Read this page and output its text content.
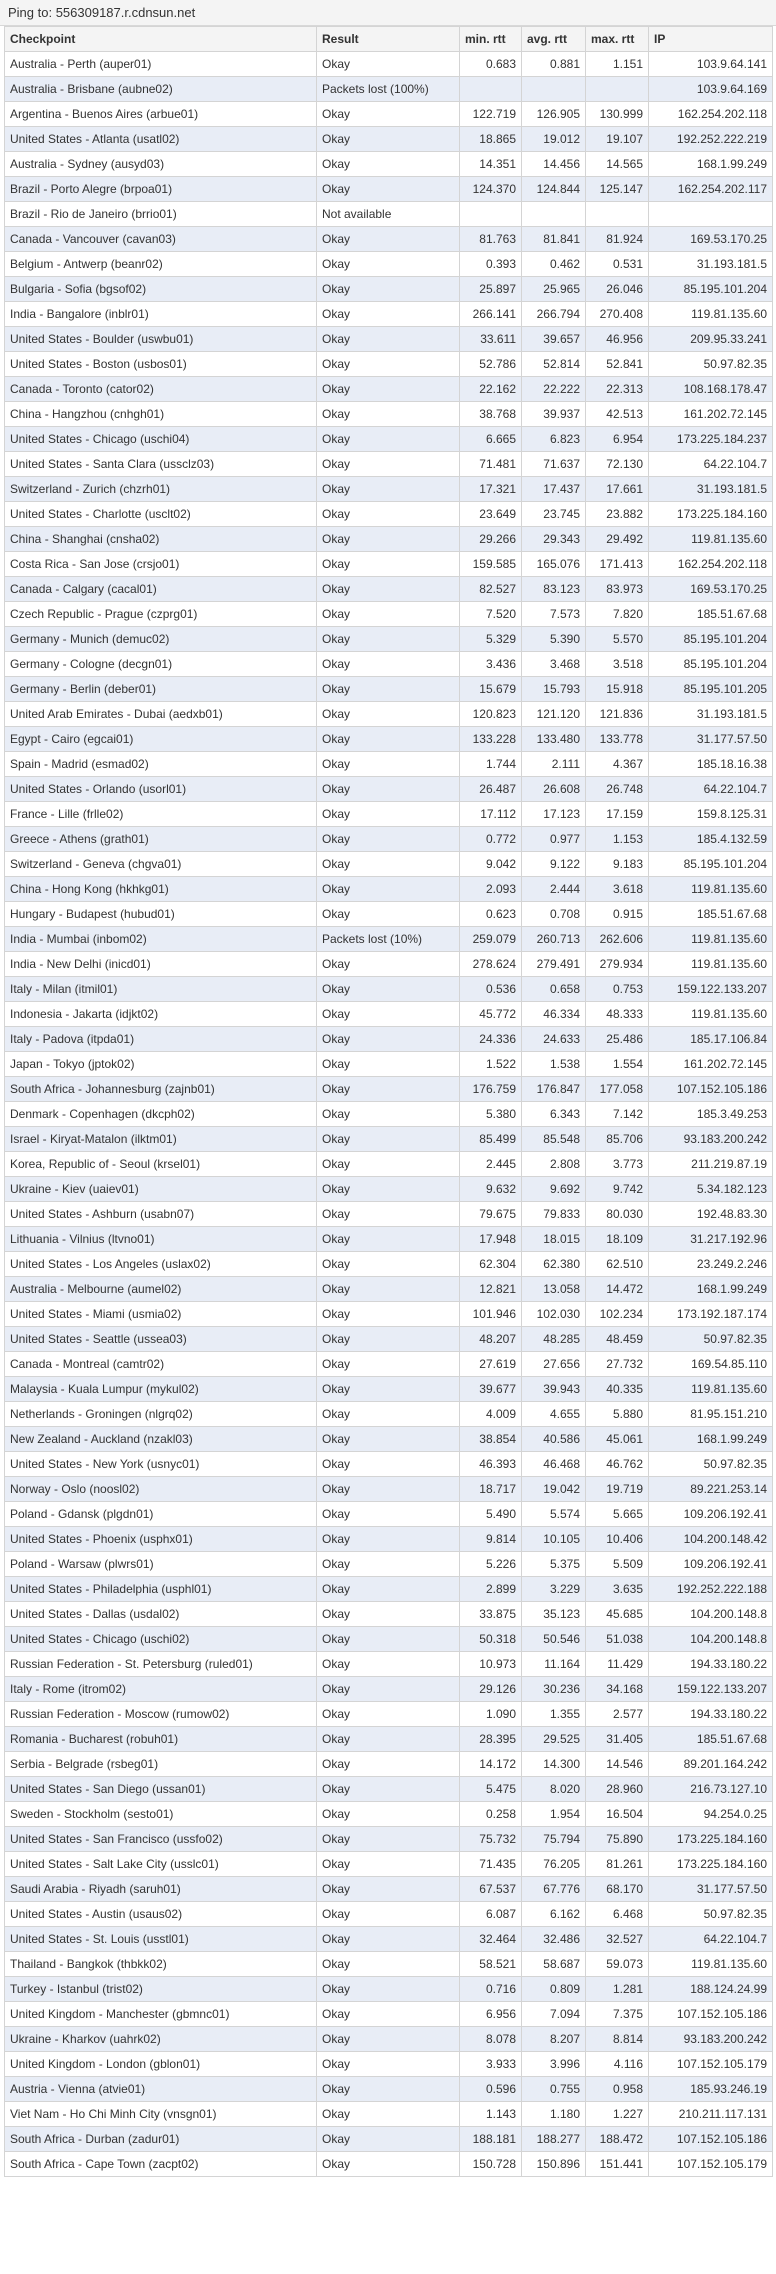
Ping to: 556309187.r.cdnsun.net
Checkpoint	Result	min. rtt	avg. rtt	max. rtt	IP
Australia - Perth (auper01)	Okay	0.683	0.881	1.151	103.9.64.141
Australia - Brisbane (aubne02)	Packets lost (100%)				103.9.64.169
Argentina - Buenos Aires (arbue01)	Okay	122.719	126.905	130.999	162.254.202.118
United States - Atlanta (usatl02)	Okay	18.865	19.012	19.107	192.252.222.219
Australia - Sydney (ausyd03)	Okay	14.351	14.456	14.565	168.1.99.249
Brazil - Porto Alegre (brpoa01)	Okay	124.370	124.844	125.147	162.254.202.117
Brazil - Rio de Janeiro (brrio01)	Not available				
Canada - Vancouver (cavan03)	Okay	81.763	81.841	81.924	169.53.170.25
Belgium - Antwerp (beanr02)	Okay	0.393	0.462	0.531	31.193.181.5
Bulgaria - Sofia (bgsof02)	Okay	25.897	25.965	26.046	85.195.101.204
India - Bangalore (inblr01)	Okay	266.141	266.794	270.408	119.81.135.60
United States - Boulder (uswbu01)	Okay	33.611	39.657	46.956	209.95.33.241
United States - Boston (usbos01)	Okay	52.786	52.814	52.841	50.97.82.35
Canada - Toronto (cator02)	Okay	22.162	22.222	22.313	108.168.178.47
China - Hangzhou (cnhgh01)	Okay	38.768	39.937	42.513	161.202.72.145
United States - Chicago (uschi04)	Okay	6.665	6.823	6.954	173.225.184.237
United States - Santa Clara (ussclz03)	Okay	71.481	71.637	72.130	64.22.104.7
Switzerland - Zurich (chzrh01)	Okay	17.321	17.437	17.661	31.193.181.5
United States - Charlotte (usclt02)	Okay	23.649	23.745	23.882	173.225.184.160
China - Shanghai (cnsha02)	Okay	29.266	29.343	29.492	119.81.135.60
Costa Rica - San Jose (crsjo01)	Okay	159.585	165.076	171.413	162.254.202.118
Canada - Calgary (cacal01)	Okay	82.527	83.123	83.973	169.53.170.25
Czech Republic - Prague (czprg01)	Okay	7.520	7.573	7.820	185.51.67.68
Germany - Munich (demuc02)	Okay	5.329	5.390	5.570	85.195.101.204
Germany - Cologne (decgn01)	Okay	3.436	3.468	3.518	85.195.101.204
Germany - Berlin (deber01)	Okay	15.679	15.793	15.918	85.195.101.205
United Arab Emirates - Dubai (aedxb01)	Okay	120.823	121.120	121.836	31.193.181.5
Egypt - Cairo (egcai01)	Okay	133.228	133.480	133.778	31.177.57.50
Spain - Madrid (esmad02)	Okay	1.744	2.111	4.367	185.18.16.38
United States - Orlando (usorl01)	Okay	26.487	26.608	26.748	64.22.104.7
France - Lille (frlle02)	Okay	17.112	17.123	17.159	159.8.125.31
Greece - Athens (grath01)	Okay	0.772	0.977	1.153	185.4.132.59
Switzerland - Geneva (chgva01)	Okay	9.042	9.122	9.183	85.195.101.204
China - Hong Kong (hkhkg01)	Okay	2.093	2.444	3.618	119.81.135.60
Hungary - Budapest (hubud01)	Okay	0.623	0.708	0.915	185.51.67.68
India - Mumbai (inbom02)	Packets lost (10%)	259.079	260.713	262.606	119.81.135.60
India - New Delhi (inicd01)	Okay	278.624	279.491	279.934	119.81.135.60
Italy - Milan (itmil01)	Okay	0.536	0.658	0.753	159.122.133.207
Indonesia - Jakarta (idjkt02)	Okay	45.772	46.334	48.333	119.81.135.60
Italy - Padova (itpda01)	Okay	24.336	24.633	25.486	185.17.106.84
Japan - Tokyo (jptok02)	Okay	1.522	1.538	1.554	161.202.72.145
South Africa - Johannesburg (zajnb01)	Okay	176.759	176.847	177.058	107.152.105.186
Denmark - Copenhagen (dkcph02)	Okay	5.380	6.343	7.142	185.3.49.253
Israel - Kiryat-Matalon (ilktm01)	Okay	85.499	85.548	85.706	93.183.200.242
Korea, Republic of - Seoul (krsel01)	Okay	2.445	2.808	3.773	211.219.87.19
Ukraine - Kiev (uaiev01)	Okay	9.632	9.692	9.742	5.34.182.123
United States - Ashburn (usabn07)	Okay	79.675	79.833	80.030	192.48.83.30
Lithuania - Vilnius (ltvno01)	Okay	17.948	18.015	18.109	31.217.192.96
United States - Los Angeles (uslax02)	Okay	62.304	62.380	62.510	23.249.2.246
Australia - Melbourne (aumel02)	Okay	12.821	13.058	14.472	168.1.99.249
United States - Miami (usmia02)	Okay	101.946	102.030	102.234	173.192.187.174
United States - Seattle (ussea03)	Okay	48.207	48.285	48.459	50.97.82.35
Canada - Montreal (camtr02)	Okay	27.619	27.656	27.732	169.54.85.110
Malaysia - Kuala Lumpur (mykul02)	Okay	39.677	39.943	40.335	119.81.135.60
Netherlands - Groningen (nlgrq02)	Okay	4.009	4.655	5.880	81.95.151.210
New Zealand - Auckland (nzakl03)	Okay	38.854	40.586	45.061	168.1.99.249
United States - New York (usnyc01)	Okay	46.393	46.468	46.762	50.97.82.35
Norway - Oslo (noosl02)	Okay	18.717	19.042	19.719	89.221.253.14
Poland - Gdansk (plgdn01)	Okay	5.490	5.574	5.665	109.206.192.41
United States - Phoenix (usphx01)	Okay	9.814	10.105	10.406	104.200.148.42
Poland - Warsaw (plwrs01)	Okay	5.226	5.375	5.509	109.206.192.41
United States - Philadelphia (usphl01)	Okay	2.899	3.229	3.635	192.252.222.188
United States - Dallas (usdal02)	Okay	33.875	35.123	45.685	104.200.148.8
United States - Chicago (uschi02)	Okay	50.318	50.546	51.038	104.200.148.8
Russian Federation - St. Petersburg (ruled01)	Okay	10.973	11.164	11.429	194.33.180.22
Italy - Rome (itrom02)	Okay	29.126	30.236	34.168	159.122.133.207
Russian Federation - Moscow (rumow02)	Okay	1.090	1.355	2.577	194.33.180.22
Romania - Bucharest (robuh01)	Okay	28.395	29.525	31.405	185.51.67.68
Serbia - Belgrade (rsbeg01)	Okay	14.172	14.300	14.546	89.201.164.242
United States - San Diego (ussan01)	Okay	5.475	8.020	28.960	216.73.127.10
Sweden - Stockholm (sesto01)	Okay	0.258	1.954	16.504	94.254.0.25
United States - San Francisco (ussfo02)	Okay	75.732	75.794	75.890	173.225.184.160
United States - Salt Lake City (usslc01)	Okay	71.435	76.205	81.261	173.225.184.160
Saudi Arabia - Riyadh (saruh01)	Okay	67.537	67.776	68.170	31.177.57.50
United States - Austin (usaus02)	Okay	6.087	6.162	6.468	50.97.82.35
United States - St. Louis (usstl01)	Okay	32.464	32.486	32.527	64.22.104.7
Thailand - Bangkok (thbkk02)	Okay	58.521	58.687	59.073	119.81.135.60
Turkey - Istanbul (trist02)	Okay	0.716	0.809	1.281	188.124.24.99
United Kingdom - Manchester (gbmnc01)	Okay	6.956	7.094	7.375	107.152.105.186
Ukraine - Kharkov (uahrk02)	Okay	8.078	8.207	8.814	93.183.200.242
United Kingdom - London (gblon01)	Okay	3.933	3.996	4.116	107.152.105.179
Austria - Vienna (atvie01)	Okay	0.596	0.755	0.958	185.93.246.19
Viet Nam - Ho Chi Minh City (vnsgn01)	Okay	1.143	1.180	1.227	210.211.117.131
South Africa - Durban (zadur01)	Okay	188.181	188.277	188.472	107.152.105.186
South Africa - Cape Town (zacpt02)	Okay	150.728	150.896	151.441	107.152.105.179
